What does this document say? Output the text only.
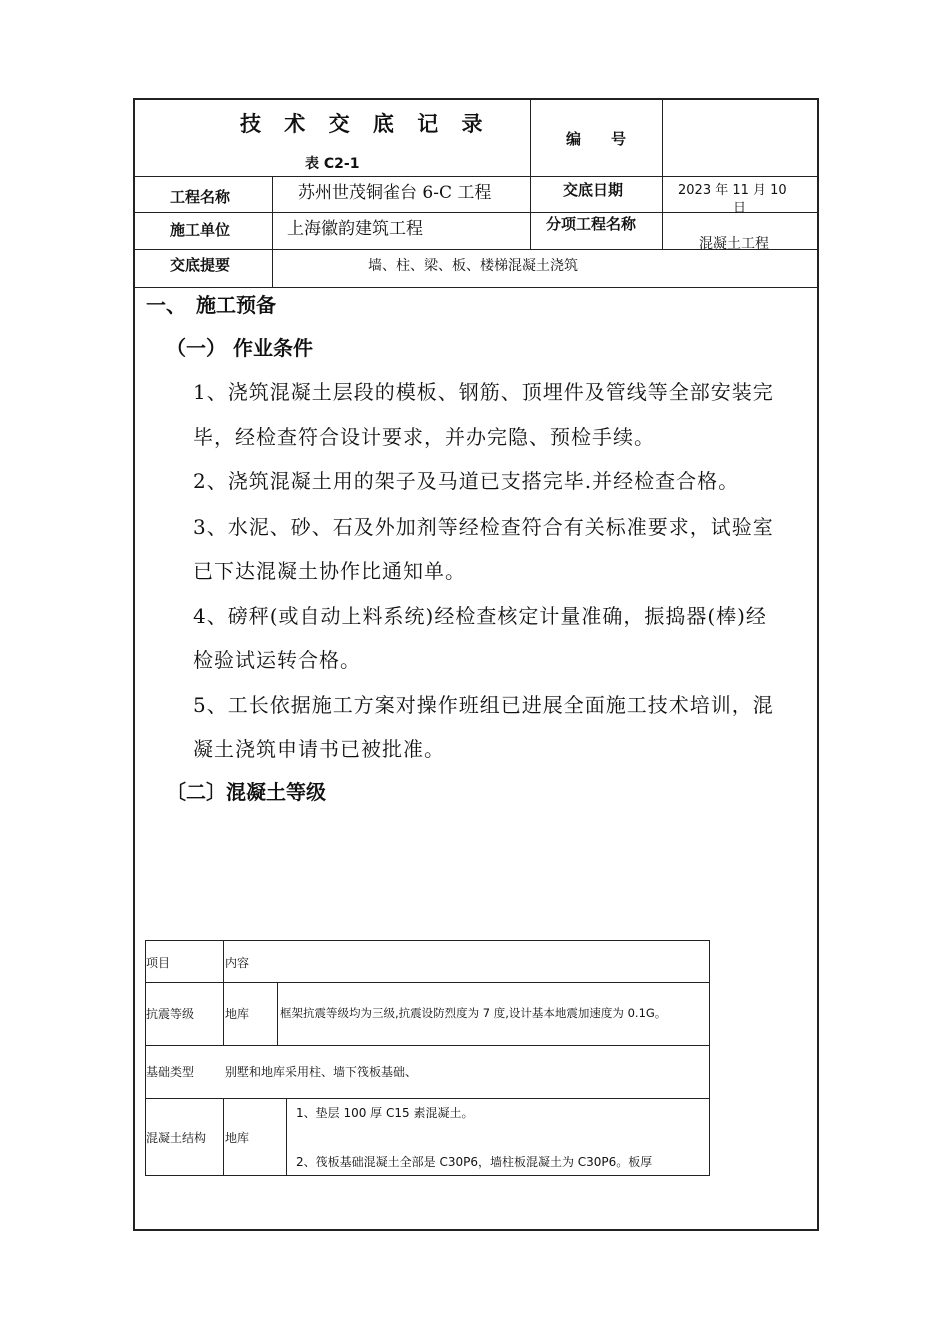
技 术 交 底 记 录
表 C2-1
编　　号
工程名称	苏州世茂铜雀台 6-C 工程	交底日期	2023 年 11 月 10
日
施工单位	上海徽韵建筑工程	分项工程名称
混凝土工程
交底提要	墙、柱、梁、板、楼梯混凝土浇筑
一、　施工预备
（一） 作业条件
1、浇筑混凝土层段的模板、钢筋、顶埋件及管线等全部安装完
毕，经检查符合设计要求，并办完隐、预检手续。
2、浇筑混凝土用的架子及马道已支搭完毕.并经检查合格。
3、水泥、砂、石及外加剂等经检查符合有关标准要求，试验室
已下达混凝土协作比通知单。
4、磅秤(或自动上料系统)经检查核定计量准确，振捣器(棒)经
检验试运转合格。
5、工长依据施工方案对操作班组已进展全面施工技术培训，混
凝土浇筑申请书已被批准。
〔二〕混凝土等级
项目	内容
抗震等级	地库	框架抗震等级均为三级,抗震设防烈度为 7 度,设计基本地震加速度为 0.1G。
基础类型	别墅和地库采用柱、墙下筏板基础、
混凝土结构 地库
1、垫层 100 厚 C15 素混凝土。
2、筏板基础混凝土全部是 C30P6，墙柱板混凝土为 C30P6。板厚
